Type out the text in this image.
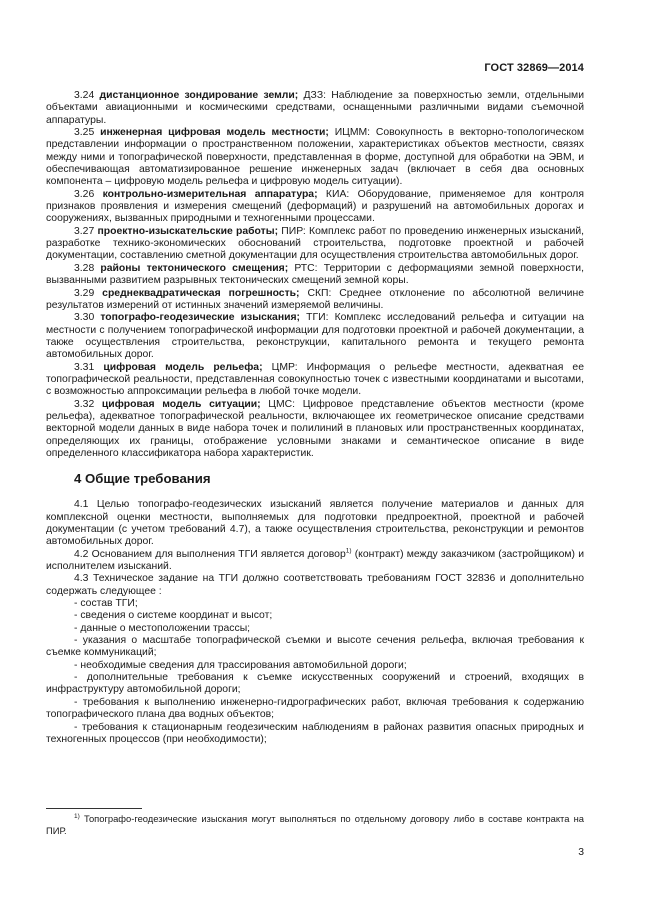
ГОСТ 32869—2014

3.24 дистанционное зондирование земли; ДЗЗ: Наблюдение за поверхностью земли, отдельными объектами авиационными и космическими средствами, оснащенными различными видами съемочной аппаратуры.

3.25 инженерная цифровая модель местности; ИЦММ: Совокупность в векторно-топологическом представлении информации о пространственном положении, характеристиках объектов местности, связях между ними и топографической поверхности, представленная в форме, доступной для обработки на ЭВМ, и обеспечивающая автоматизированное решение инженерных задач (включает в себя два основных компонента – цифровую модель рельефа и цифровую модель ситуации).

3.26 контрольно-измерительная аппаратура; КИА: Оборудование, применяемое для контроля признаков проявления и измерения смещений (деформаций) и разрушений на автомобильных дорогах и сооружениях, вызванных природными и техногенными процессами.

3.27 проектно-изыскательские работы; ПИР: Комплекс работ по проведению инженерных изысканий, разработке технико-экономических обоснований строительства, подготовке проектной и рабочей документации, составлению сметной документации для осуществления строительства автомобильных дорог.

3.28 районы тектонического смещения; РТС: Территории с деформациями земной поверхности, вызванными развитием разрывных тектонических смещений земной коры.

3.29 среднеквадратическая погрешность; СКП: Среднее отклонение по абсолютной величине результатов измерений от истинных значений измеряемой величины.

3.30 топографо-геодезические изыскания; ТГИ: Комплекс исследований рельефа и ситуации на местности с получением топографической информации для подготовки проектной и рабочей документации, а также осуществления строительства, реконструкции, капитального ремонта и текущего ремонта автомобильных дорог.

3.31 цифровая модель рельефа; ЦМР: Информация о рельефе местности, адекватная ее топографической реальности, представленная совокупностью точек с известными координатами и высотами, с возможностью аппроксимации рельефа в любой точке модели.

3.32 цифровая модель ситуации; ЦМС: Цифровое представление объектов местности (кроме рельефа), адекватное топографической реальности, включающее их геометрическое описание средствами векторной модели данных в виде набора точек и полилиний в плановых или пространственных координатах, определяющих их границы, отображение условными знаками и семантическое описание в виде определенного классификатора набора характеристик.

4 Общие требования

4.1 Целью топографо-геодезических изысканий является получение материалов и данных для комплексной оценки местности, выполняемых для подготовки предпроектной, проектной и рабочей документации (с учетом требований 4.7), а также осуществления строительства, реконструкции и ремонтов автомобильных дорог.

4.2 Основанием для выполнения ТГИ является договор$^{1)}$ (контракт) между заказчиком (застройщиком) и исполнителем изысканий.

4.3 Техническое задание на ТГИ должно соответствовать требованиям ГОСТ 32836 и дополнительно содержать следующее :

- состав ТГИ;

- сведения о системе координат и высот;

- данные о местоположении трассы;

- указания о масштабе топографической съемки и высоте сечения рельефа, включая требования к съемке коммуникаций;

- необходимые сведения для трассирования автомобильной дороги;

- дополнительные требования к съемке искусственных сооружений и строений, входящих в инфраструктуру автомобильной дороги;

- требования к выполнению инженерно-гидрографических работ, включая требования к содержанию топографического плана два водных объектов;

- требования к стационарным геодезическим наблюдениям в районах развития опасных природных и техногенных процессов (при необходимости);

$^{1)}$ Топографо-геодезические изыскания могут выполняться по отдельному договору либо в составе контракта на ПИР.

3
